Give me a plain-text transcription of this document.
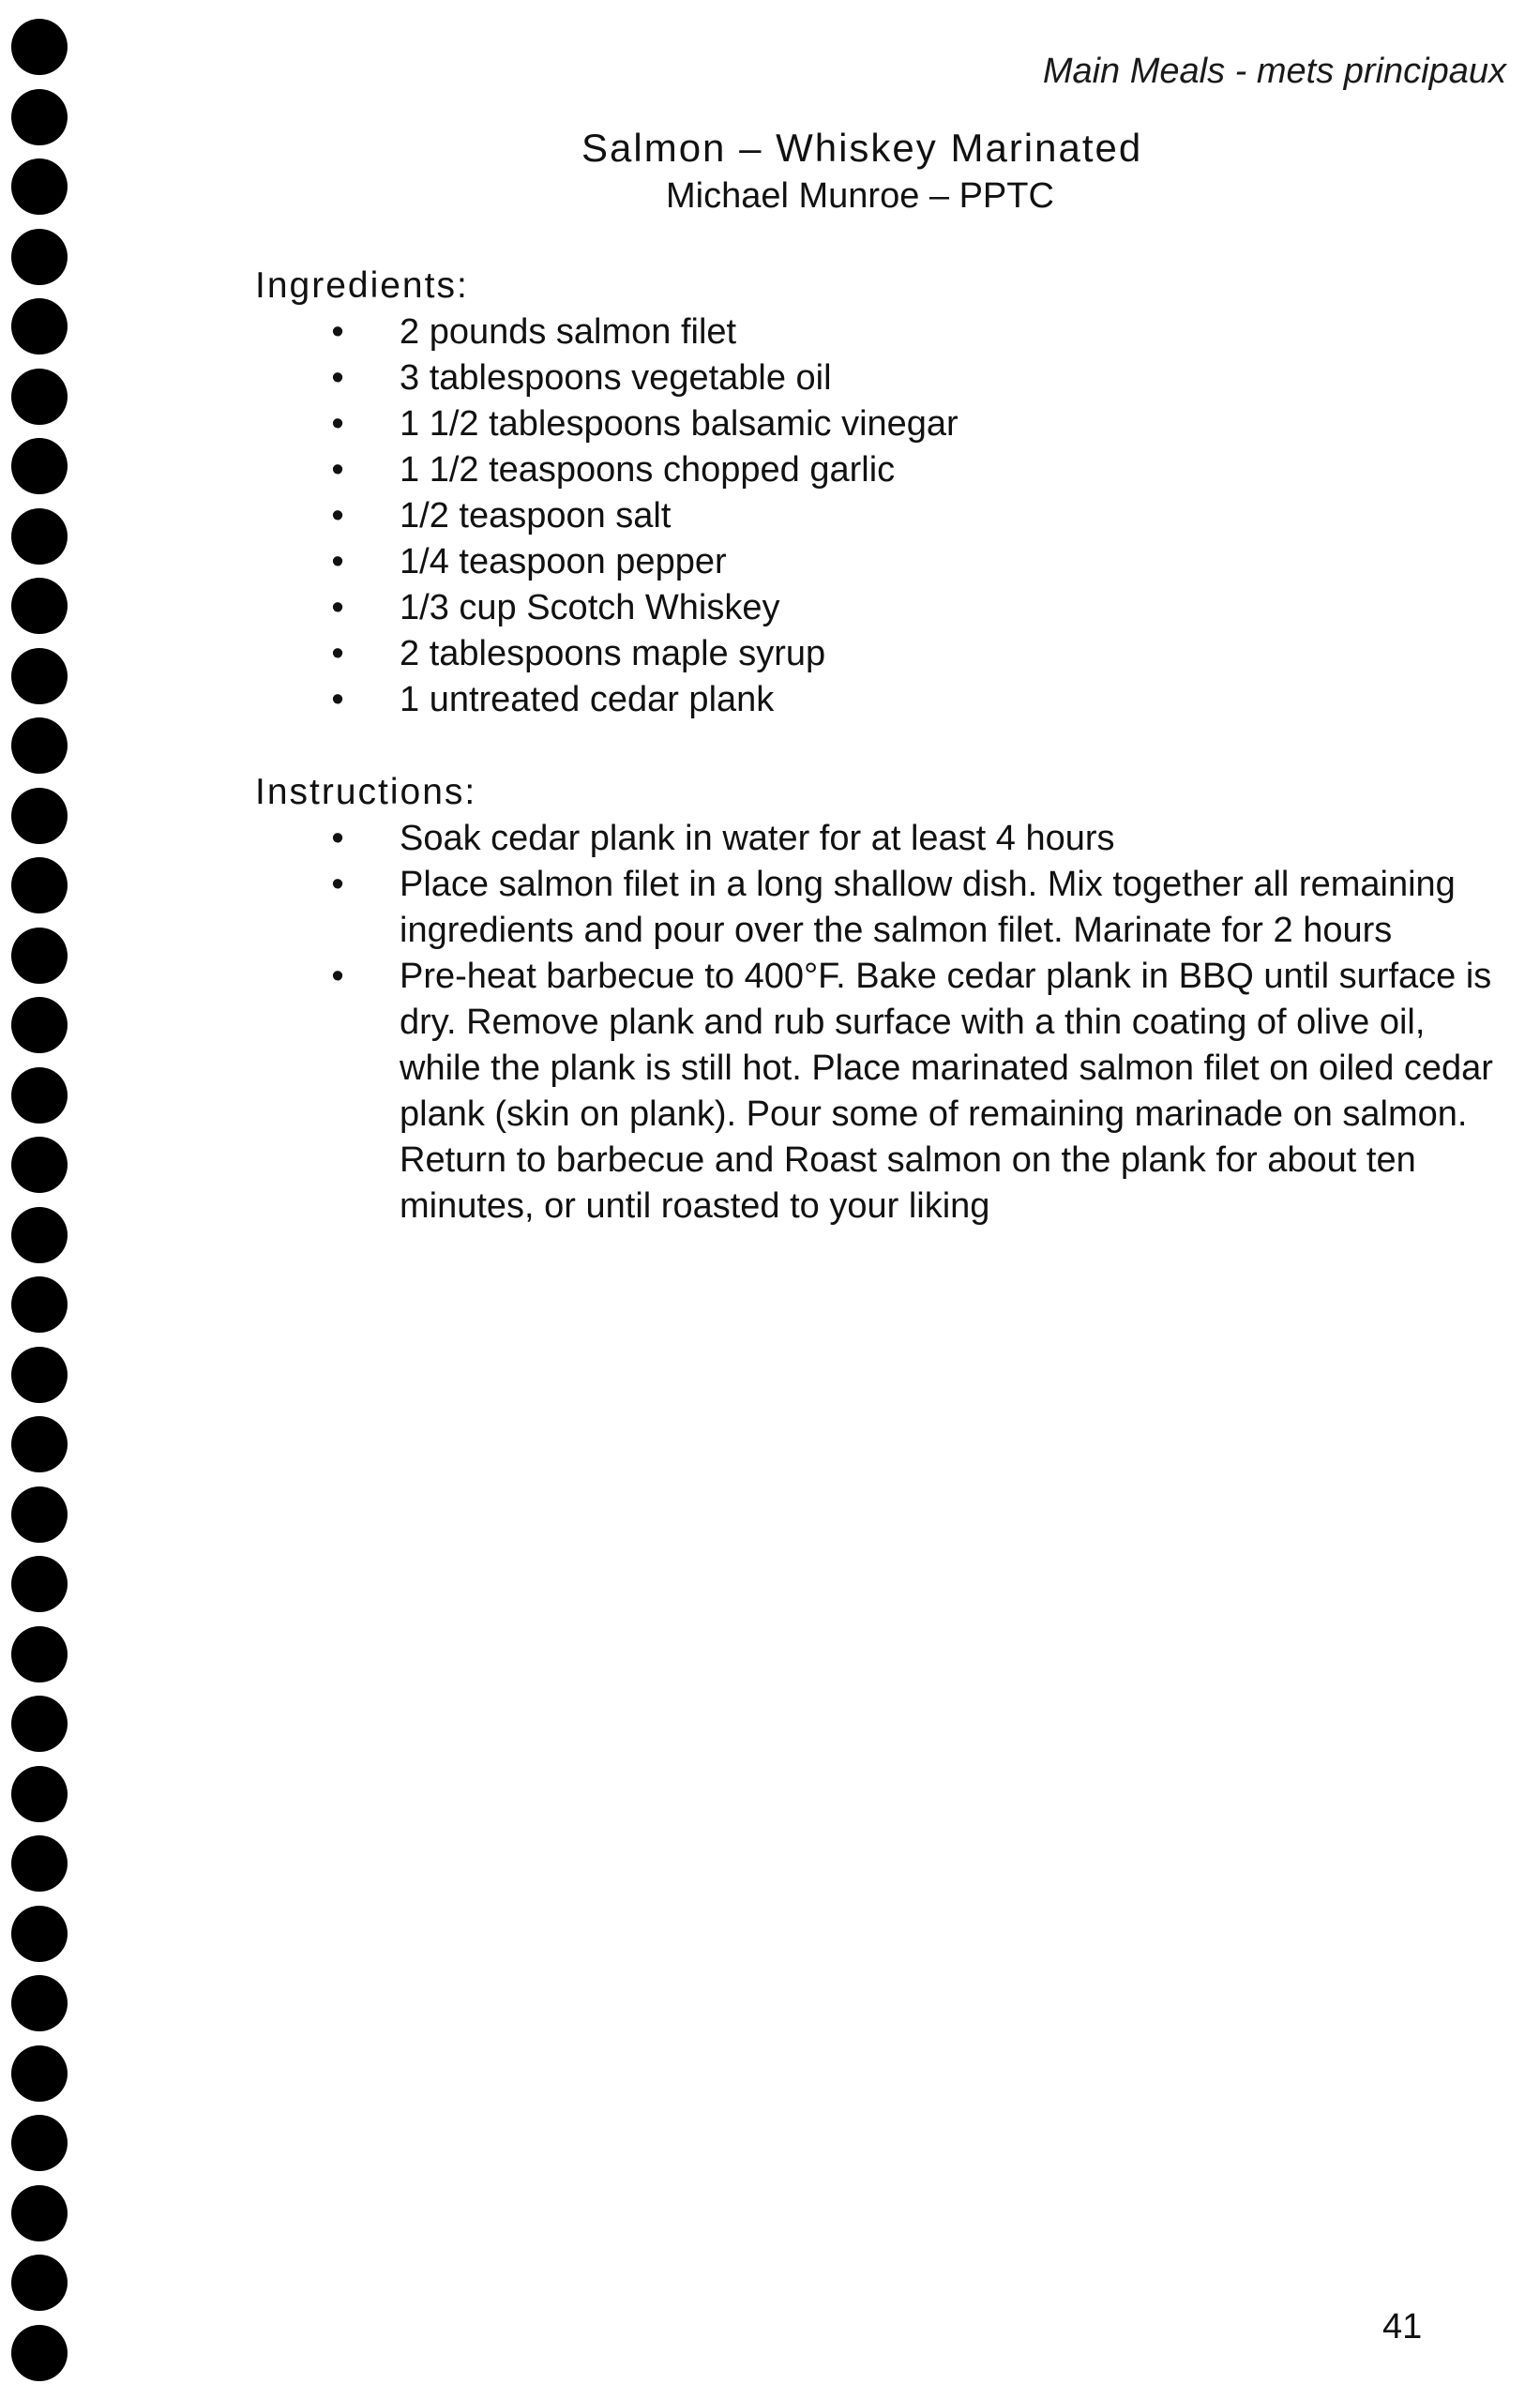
Main Meals - mets principaux
Salmon – Whiskey Marinated
Michael Munroe – PPTC
Ingredients:
•	2 pounds salmon filet
•	3 tablespoons vegetable oil
•	1 1/2 tablespoons balsamic vinegar
•	1 1/2 teaspoons chopped garlic
•	1/2 teaspoon salt
•	1/4 teaspoon pepper
•	1/3 cup Scotch Whiskey
•	2 tablespoons maple syrup
•	1 untreated cedar plank
Instructions:
•	Soak cedar plank in water for at least 4 hours
•	Place salmon filet in a long shallow dish. Mix together all remaining ingredients and pour over the salmon filet. Marinate for 2 hours
•	Pre-heat barbecue to 400°F. Bake cedar plank in BBQ until surface is dry. Remove plank and rub surface with a thin coating of olive oil, while the plank is still hot. Place marinated salmon filet on oiled cedar plank (skin on plank). Pour some of remaining marinade on salmon. Return to barbecue and Roast salmon on the plank for about ten minutes, or until roasted to your liking
41
